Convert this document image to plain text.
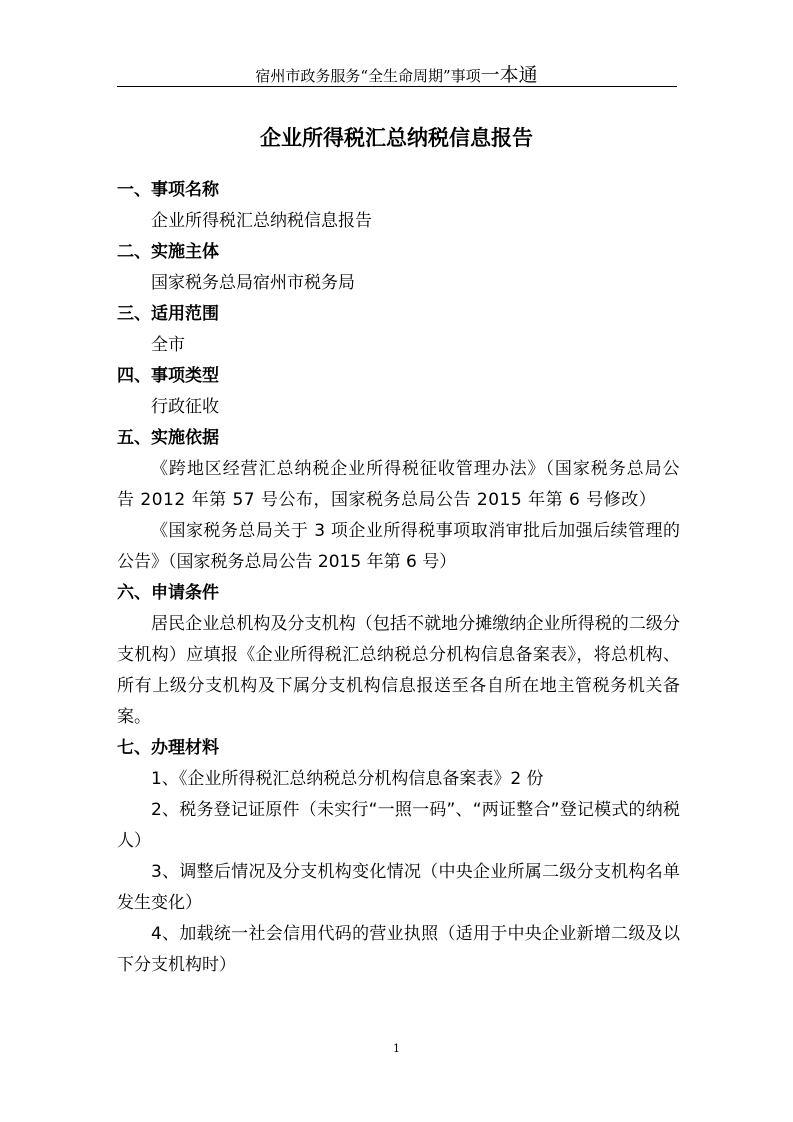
宿州市政务服务“全生命周期”事项一本通
企业所得税汇总纳税信息报告
一、事项名称
企业所得税汇总纳税信息报告
二、实施主体
国家税务总局宿州市税务局
三、适用范围
全市
四、事项类型
行政征收
五、实施依据
《跨地区经营汇总纳税企业所得税征收管理办法》（国家税务总局公告 2012 年第 57 号公布，国家税务总局公告 2015 年第 6 号修改）
《国家税务总局关于 3 项企业所得税事项取消审批后加强后续管理的公告》（国家税务总局公告 2015 年第 6 号）
六、申请条件
居民企业总机构及分支机构（包括不就地分摊缴纳企业所得税的二级分支机构）应填报《企业所得税汇总纳税总分机构信息备案表》，将总机构、所有上级分支机构及下属分支机构信息报送至各自所在地主管税务机关备案。
七、办理材料
1、《企业所得税汇总纳税总分机构信息备案表》2 份
2、税务登记证原件（未实行“一照一码”、“两证整合”登记模式的纳税人）
3、调整后情况及分支机构变化情况（中央企业所属二级分支机构名单发生变化）
4、加载统一社会信用代码的营业执照（适用于中央企业新增二级及以下分支机构时）
1
